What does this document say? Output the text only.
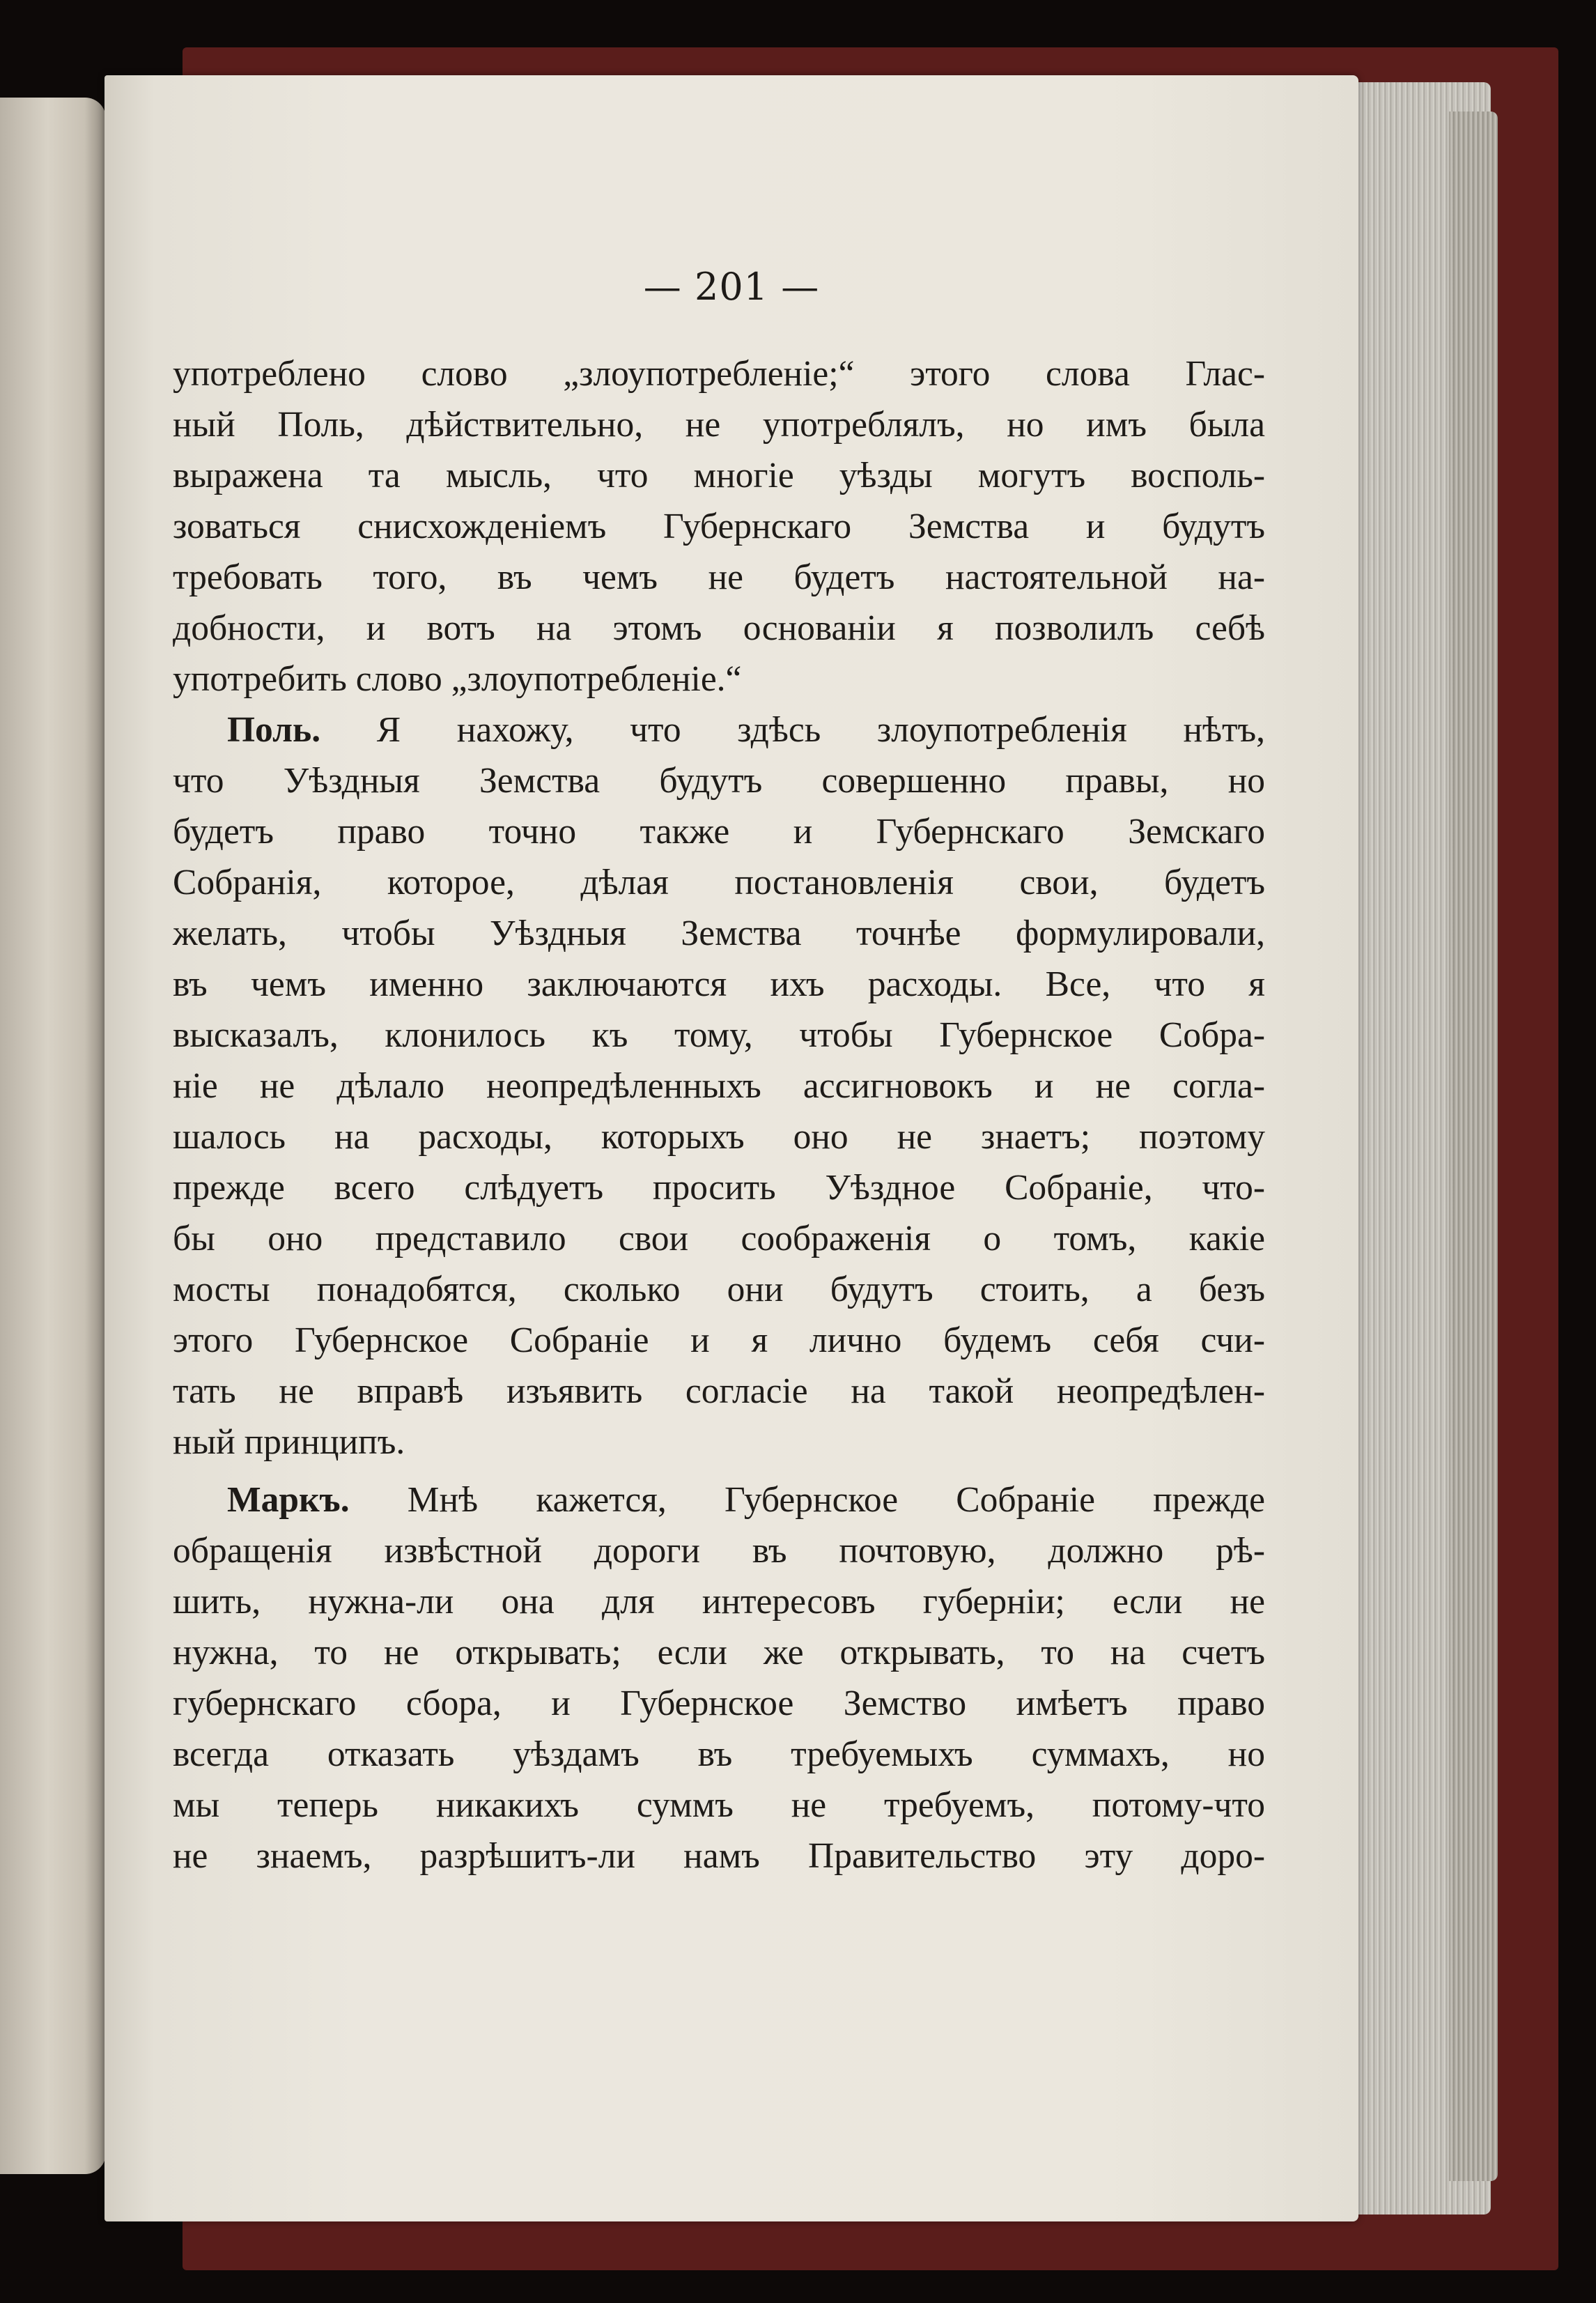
— 201 —
употреблено слово „злоупотребленіе;“ этого слова Глас-
ный Поль, дѣйствительно, не употреблялъ, но имъ была
выражена та мысль, что многіе уѣзды могутъ восполь-
зоваться снисхожденіемъ Губернскаго Земства и будутъ
требовать того, въ чемъ не будетъ настоятельной на-
добности, и вотъ на этомъ основаніи я позволилъ себѣ
употребить слово „злоупотребленіе.“
Поль. Я нахожу, что здѣсь злоупотребленія нѣтъ,
что Уѣздныя Земства будутъ совершенно правы, но
будетъ право точно также и Губернскаго Земскаго
Собранія, которое, дѣлая постановленія свои, будетъ
желать, чтобы Уѣздныя Земства точнѣе формулировали,
въ чемъ именно заключаются ихъ расходы. Все, что я
высказалъ, клонилось къ тому, чтобы Губернское Собра-
ніе не дѣлало неопредѣленныхъ ассигновокъ и не согла-
шалось на расходы, которыхъ оно не знаетъ; поэтому
прежде всего слѣдуетъ просить Уѣздное Собраніе, что-
бы оно представило свои соображенія о томъ, какіе
мосты понадобятся, сколько они будутъ стоить, а безъ
этого Губернское Собраніе и я лично будемъ себя счи-
тать не вправѣ изъявить согласіе на такой неопредѣлен-
ный принципъ.
Маркъ. Мнѣ кажется, Губернское Собраніе прежде
обращенія извѣстной дороги въ почтовую, должно рѣ-
шить, нужна-ли она для интересовъ губерніи; если не
нужна, то не открывать; если же открывать, то на счетъ
губернскаго сбора, и Губернское Земство имѣетъ право
всегда отказать уѣздамъ въ требуемыхъ суммахъ, но
мы теперь никакихъ суммъ не требуемъ, потому-что
не знаемъ, разрѣшитъ-ли намъ Правительство эту доро-
